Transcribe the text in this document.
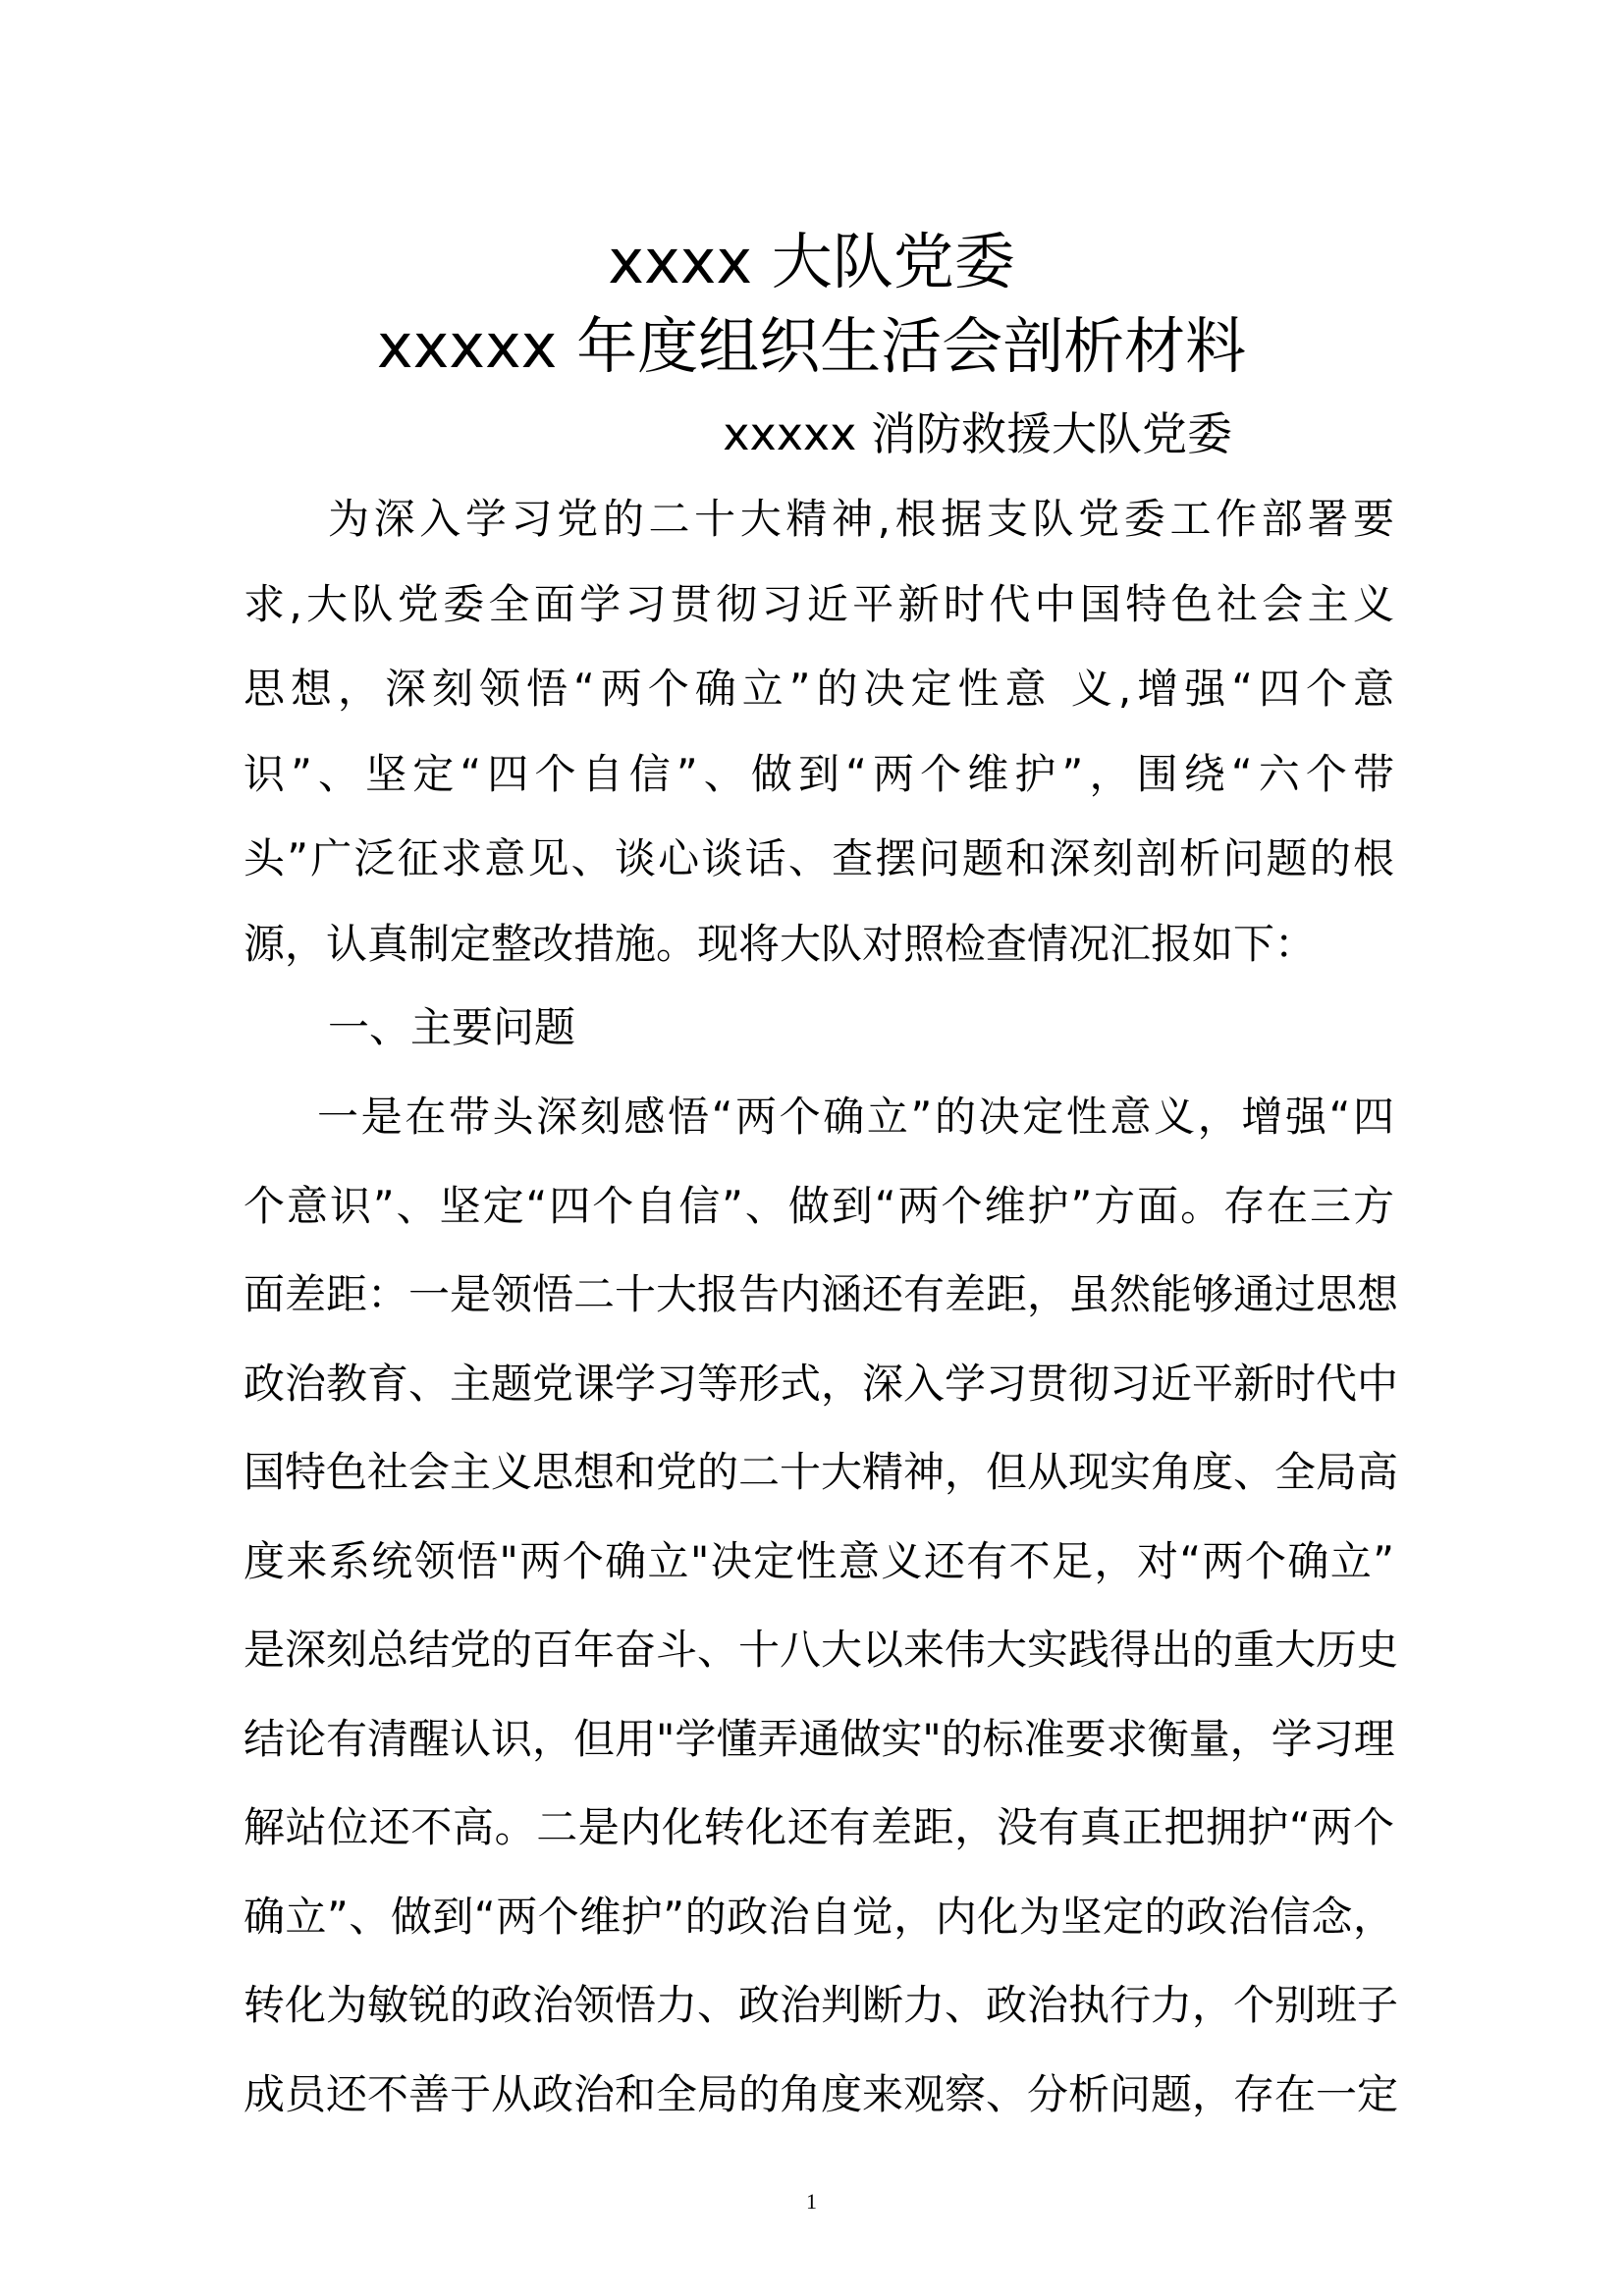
xxxx 大队党委
xxxxx 年度组织生活会剖析材料
xxxxx 消防救援大队党委
为深入学习党的二十大精神,根据支队党委工作部署要
求,大队党委全面学习贯彻习近平新时代中国特色社会主义
思想，深刻领悟“两个确立”的决定性意 义,增强“四个意
识”、坚定“四个自信”、做到“两个维护”，围绕“六个带
头”广泛征求意见、谈心谈话、查摆问题和深刻剖析问题的根
源，认真制定整改措施。现将大队对照检查情况汇报如下：
一、主要问题
一是在带头深刻感悟“两个确立”的决定性意义，增强“四
个意识”、坚定“四个自信”、做到“两个维护”方面。存在三方
面差距：一是领悟二十大报告内涵还有差距，虽然能够通过思想
政治教育、主题党课学习等形式，深入学习贯彻习近平新时代中
国特色社会主义思想和党的二十大精神，但从现实角度、全局高
度来系统领悟"两个确立"决定性意义还有不足，对“两个确立”
是深刻总结党的百年奋斗、十八大以来伟大实践得出的重大历史
结论有清醒认识，但用"学懂弄通做实"的标准要求衡量，学习理
解站位还不高。二是内化转化还有差距，没有真正把拥护“两个
确立”、做到“两个维护”的政治自觉，内化为坚定的政治信念，
转化为敏锐的政治领悟力、政治判断力、政治执行力，个别班子
成员还不善于从政治和全局的角度来观察、分析问题，存在一定
1
